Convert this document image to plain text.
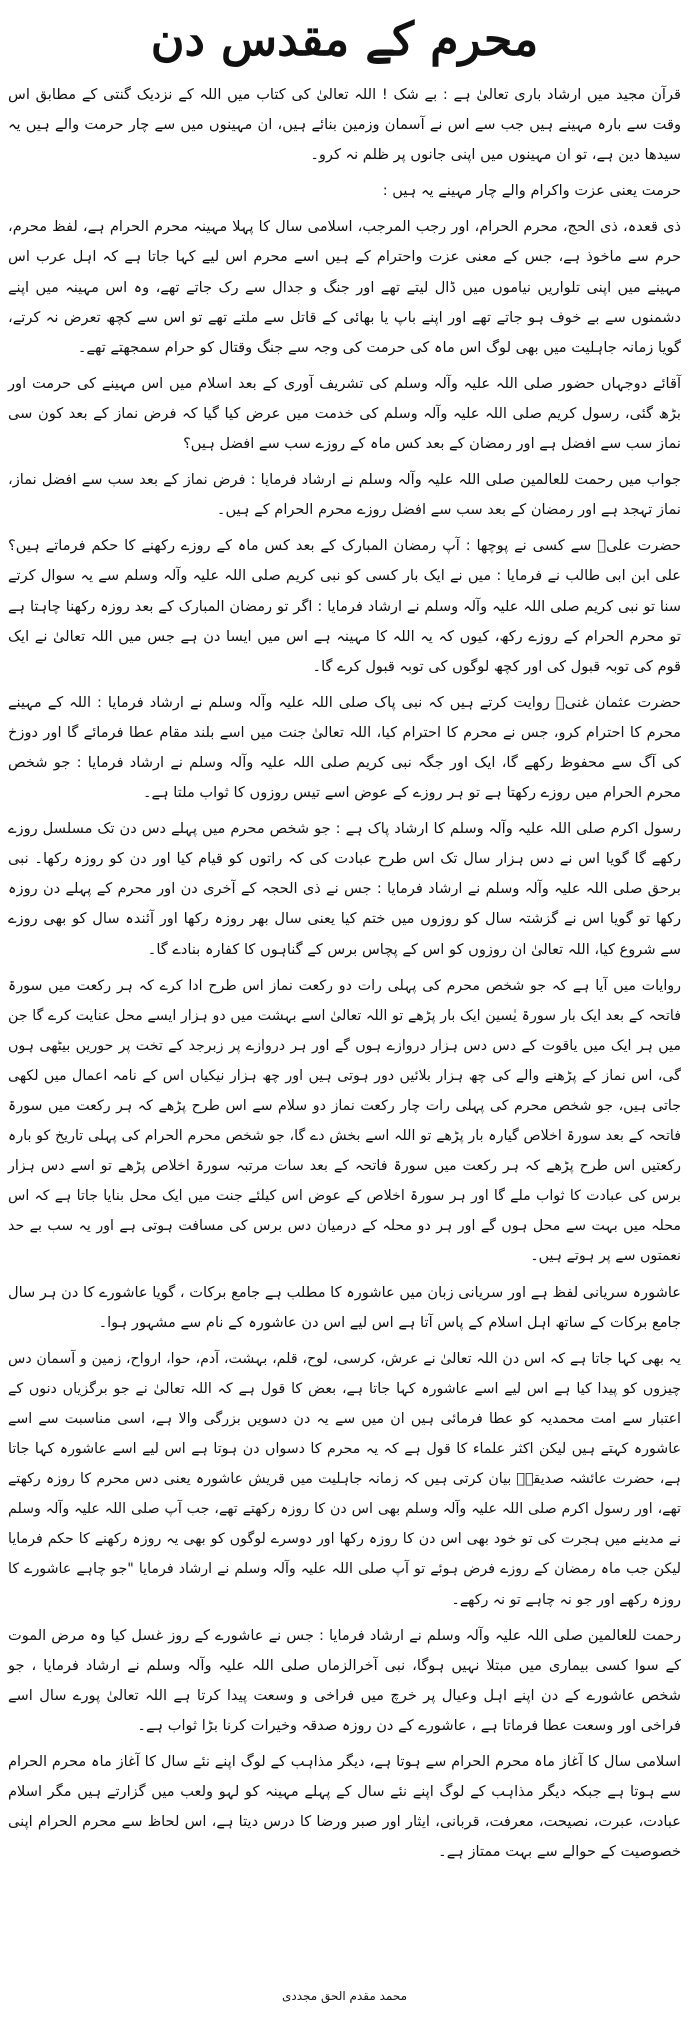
محرم کے مقدس دن

قرآن مجید میں ارشاد باری تعالیٰ ہے : بے شک ! اللہ تعالیٰ کی کتاب میں اللہ کے نزدیک گنتی کے مطابق اس وقت سے بارہ مہینے ہیں جب سے اس نے آسمان وزمین بنائے ہیں، ان مہینوں میں سے چار حرمت والے ہیں یہ سیدھا دین ہے، تو ان مہینوں میں اپنی جانوں پر ظلم نہ کرو۔

حرمت یعنی عزت واکرام والے چار مہینے یہ ہیں :

ذی قعدہ، ذی الحج، محرم الحرام، اور رجب المرجب، اسلامی سال کا پہلا مہینہ محرم الحرام ہے، لفظ محرم، حرم سے ماخوذ ہے، جس کے معنی عزت واحترام کے ہیں اسے محرم اس لیے کہا جاتا ہے کہ اہل عرب اس مہینے میں اپنی تلواریں نیاموں میں ڈال لیتے تھے اور جنگ و جدال سے رک جاتے تھے، وہ اس مہینہ میں اپنے دشمنوں سے بے خوف ہو جاتے تھے اور اپنے باپ یا بھائی کے قاتل سے ملتے تھے تو اس سے کچھ تعرض نہ کرتے، گویا زمانہ جاہلیت میں بھی لوگ اس ماہ کی حرمت کی وجہ سے جنگ وقتال کو حرام سمجھتے تھے۔

آقائے دوجہاں حضور صلی اللہ علیہ وآلہ وسلم کی تشریف آوری کے بعد اسلام میں اس مہینے کی حرمت اور بڑھ گئی، رسول کریم صلی اللہ علیہ وآلہ وسلم کی خدمت میں عرض کیا گیا کہ فرض نماز کے بعد کون سی نماز سب سے افضل ہے اور رمضان کے بعد کس ماہ کے روزے سب سے افضل ہیں؟

جواب میں رحمت للعالمین صلی اللہ علیہ وآلہ وسلم نے ارشاد فرمایا : فرض نماز کے بعد سب سے افضل نماز، نماز تہجد ہے اور رمضان کے بعد سب سے افضل روزے محرم الحرام کے ہیں۔

حضرت علیؓ سے کسی نے پوچھا : آپ رمضان المبارک کے بعد کس ماہ کے روزے رکھنے کا حکم فرماتے ہیں؟ علی ابن ابی طالب نے فرمایا : میں نے ایک بار کسی کو نبی کریم صلی اللہ علیہ وآلہ وسلم سے یہ سوال کرتے سنا تو نبی کریم صلی اللہ علیہ وآلہ وسلم نے ارشاد فرمایا : اگر تو رمضان المبارک کے بعد روزہ رکھنا چاہتا ہے تو محرم الحرام کے روزے رکھ، کیوں کہ یہ اللہ کا مہینہ ہے اس میں ایسا دن ہے جس میں اللہ تعالیٰ نے ایک قوم کی توبہ قبول کی اور کچھ لوگوں کی توبہ قبول کرے گا۔

حضرت عثمان غنیؓ روایت کرتے ہیں کہ نبی پاک صلی اللہ علیہ وآلہ وسلم نے ارشاد فرمایا : اللہ کے مہینے محرم کا احترام کرو، جس نے محرم کا احترام کیا، اللہ تعالیٰ جنت میں اسے بلند مقام عطا فرمائے گا اور دوزخ کی آگ سے محفوظ رکھے گا، ایک اور جگہ نبی کریم صلی اللہ علیہ وآلہ وسلم نے ارشاد فرمایا : جو شخص محرم الحرام میں روزے رکھتا ہے تو ہر روزے کے عوض اسے تیس روزوں کا ثواب ملتا ہے۔

رسول اکرم صلی اللہ علیہ وآلہ وسلم کا ارشاد پاک ہے : جو شخص محرم میں پہلے دس دن تک مسلسل روزے رکھے گا گویا اس نے دس ہزار سال تک اس طرح عبادت کی کہ راتوں کو قیام کیا اور دن کو روزہ رکھا۔ نبی برحق صلی اللہ علیہ وآلہ وسلم نے ارشاد فرمایا : جس نے ذی الحجہ کے آخری دن اور محرم کے پہلے دن روزہ رکھا تو گویا اس نے گزشتہ سال کو روزوں میں ختم کیا یعنی سال بھر روزہ رکھا اور آئندہ سال کو بھی روزے سے شروع کیا، اللہ تعالیٰ ان روزوں کو اس کے پچاس برس کے گناہوں کا کفارہ بنادے گا۔

روایات میں آیا ہے کہ جو شخص محرم کی پہلی رات دو رکعت نماز اس طرح ادا کرے کہ ہر رکعت میں سورۃ فاتحہ کے بعد ایک بار سورۃ یٰسین ایک بار پڑھے تو اللہ تعالیٰ اسے بہشت میں دو ہزار ایسے محل عنایت کرے گا جن میں ہر ایک میں یاقوت کے دس دس ہزار دروازے ہوں گے اور ہر دروازے پر زبرجد کے تخت پر حوریں بیٹھی ہوں گی، اس نماز کے پڑھنے والے کی چھ ہزار بلائیں دور ہوتی ہیں اور چھ ہزار نیکیاں اس کے نامہ اعمال میں لکھی جاتی ہیں، جو شخص محرم کی پہلی رات چار رکعت نماز دو سلام سے اس طرح پڑھے کہ ہر رکعت میں سورۃ فاتحہ کے بعد سورۃ اخلاص گیارہ بار پڑھے تو اللہ اسے بخش دے گا، جو شخص محرم الحرام کی پہلی تاریخ کو بارہ رکعتیں اس طرح پڑھے کہ ہر رکعت میں سورۃ فاتحہ کے بعد سات مرتبہ سورۃ اخلاص پڑھے تو اسے دس ہزار برس کی عبادت کا ثواب ملے گا اور ہر سورۃ اخلاص کے عوض اس کیلئے جنت میں ایک محل بنایا جاتا ہے کہ اس محلہ میں بہت سے محل ہوں گے اور ہر دو محلہ کے درمیان دس برس کی مسافت ہوتی ہے اور یہ سب بے حد نعمتوں سے پر ہوتے ہیں۔

عاشورہ سریانی لفظ ہے اور سریانی زبان میں عاشورہ کا مطلب ہے جامع برکات ، گویا عاشورے کا دن ہر سال جامع برکات کے ساتھ اہل اسلام کے پاس آتا ہے اس لیے اس دن عاشورہ کے نام سے مشہور ہوا۔

یہ بھی کہا جاتا ہے کہ اس دن اللہ تعالیٰ نے عرش، کرسی، لوح، قلم، بہشت، آدم، حوا، ارواح، زمین و آسمان دس چیزوں کو پیدا کیا ہے اس لیے اسے عاشورہ کہا جاتا ہے، بعض کا قول ہے کہ اللہ تعالیٰ نے جو برگزیاں دنوں کے اعتبار سے امت محمدیہ کو عطا فرمائی ہیں ان میں سے یہ دن دسویں بزرگی والا ہے، اسی مناسبت سے اسے عاشورہ کہتے ہیں لیکن اکثر علماء کا قول ہے کہ یہ محرم کا دسواں دن ہوتا ہے اس لیے اسے عاشورہ کہا جاتا ہے، حضرت عائشہ صدیقہؓ بیان کرتی ہیں کہ زمانہ جاہلیت میں قریش عاشورہ یعنی دس محرم کا روزہ رکھتے تھے، اور رسول اکرم صلی اللہ علیہ وآلہ وسلم بھی اس دن کا روزہ رکھتے تھے، جب آپ صلی اللہ علیہ وآلہ وسلم نے مدینے میں ہجرت کی تو خود بھی اس دن کا روزہ رکھا اور دوسرے لوگوں کو بھی یہ روزہ رکھنے کا حکم فرمایا لیکن جب ماہ رمضان کے روزے فرض ہوئے تو آپ صلی اللہ علیہ وآلہ وسلم نے ارشاد فرمایا "جو چاہے عاشورے کا روزہ رکھے اور جو نہ چاہے تو نہ رکھے۔

رحمت للعالمین صلی اللہ علیہ وآلہ وسلم نے ارشاد فرمایا : جس نے عاشورے کے روز غسل کیا وہ مرض الموت کے سوا کسی بیماری میں مبتلا نہیں ہوگا، نبی آخرالزماں صلی اللہ علیہ وآلہ وسلم نے ارشاد فرمایا ، جو شخص عاشورے کے دن اپنے اہل وعیال پر خرچ میں فراخی و وسعت پیدا کرتا ہے اللہ تعالیٰ پورے سال اسے فراخی اور وسعت عطا فرماتا ہے ، عاشورے کے دن روزہ صدقہ وخیرات کرنا بڑا ثواب ہے۔

اسلامی سال کا آغاز ماہ محرم الحرام سے ہوتا ہے، دیگر مذاہب کے لوگ اپنے نئے سال کا آغاز ماہ محرم الحرام سے ہوتا ہے جبکہ دیگر مذاہب کے لوگ اپنے نئے سال کے پہلے مہینہ کو لہو ولعب میں گزارتے ہیں مگر اسلام عبادت، عبرت، نصیحت، معرفت، قربانی، ایثار اور صبر ورضا کا درس دیتا ہے، اس لحاظ سے محرم الحرام اپنی خصوصیت کے حوالے سے بہت ممتاز ہے۔

محمد مقدم الحق مجددی
